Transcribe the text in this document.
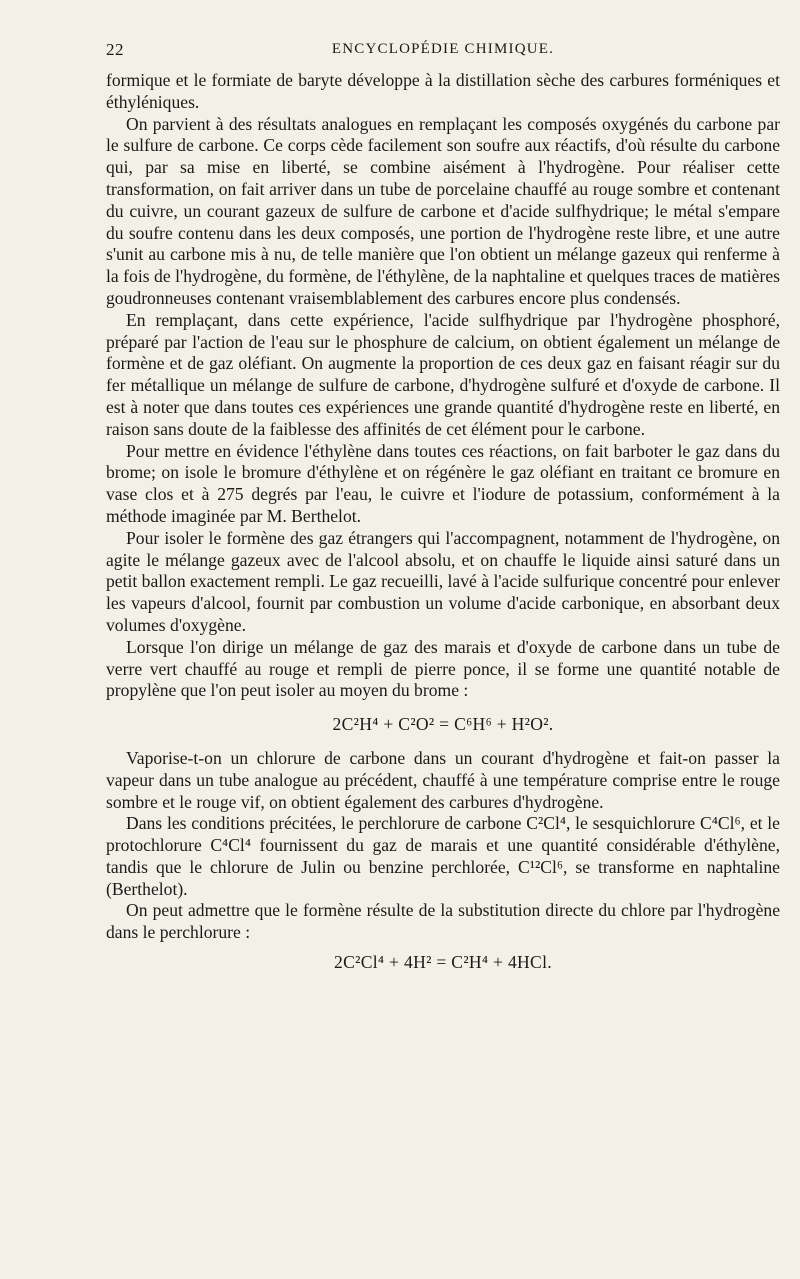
22	ENCYCLOPÉDIE CHIMIQUE.

formique et le formiate de baryte développe à la distillation sèche des carbures forméniques et éthyléniques.

On parvient à des résultats analogues en remplaçant les composés oxygénés du carbone par le sulfure de carbone. Ce corps cède facilement son soufre aux réactifs, d'où résulte du carbone qui, par sa mise en liberté, se combine aisément à l'hydrogène. Pour réaliser cette transformation, on fait arriver dans un tube de porcelaine chauffé au rouge sombre et contenant du cuivre, un courant gazeux de sulfure de carbone et d'acide sulfhydrique; le métal s'empare du soufre contenu dans les deux composés, une portion de l'hydrogène reste libre, et une autre s'unit au carbone mis à nu, de telle manière que l'on obtient un mélange gazeux qui renferme à la fois de l'hydrogène, du formène, de l'éthylène, de la naphtaline et quelques traces de matières goudronneuses contenant vraisemblablement des carbures encore plus condensés.

En remplaçant, dans cette expérience, l'acide sulfhydrique par l'hydrogène phosphoré, préparé par l'action de l'eau sur le phosphure de calcium, on obtient également un mélange de formène et de gaz oléfiant. On augmente la proportion de ces deux gaz en faisant réagir sur du fer métallique un mélange de sulfure de carbone, d'hydrogène sulfuré et d'oxyde de carbone. Il est à noter que dans toutes ces expériences une grande quantité d'hydrogène reste en liberté, en raison sans doute de la faiblesse des affinités de cet élément pour le carbone.

Pour mettre en évidence l'éthylène dans toutes ces réactions, on fait barboter le gaz dans du brome; on isole le bromure d'éthylène et on régénère le gaz oléfiant en traitant ce bromure en vase clos et à 275 degrés par l'eau, le cuivre et l'iodure de potassium, conformément à la méthode imaginée par M. Berthelot.

Pour isoler le formène des gaz étrangers qui l'accompagnent, notamment de l'hydrogène, on agite le mélange gazeux avec de l'alcool absolu, et on chauffe le liquide ainsi saturé dans un petit ballon exactement rempli. Le gaz recueilli, lavé à l'acide sulfurique concentré pour enlever les vapeurs d'alcool, fournit par combustion un volume d'acide carbonique, en absorbant deux volumes d'oxygène.

Lorsque l'on dirige un mélange de gaz des marais et d'oxyde de carbone dans un tube de verre vert chauffé au rouge et rempli de pierre ponce, il se forme une quantité notable de propylène que l'on peut isoler au moyen du brome :

2C²H⁴ + C²O² = C⁶H⁶ + H²O².

Vaporise-t-on un chlorure de carbone dans un courant d'hydrogène et fait-on passer la vapeur dans un tube analogue au précédent, chauffé à une température comprise entre le rouge sombre et le rouge vif, on obtient également des carbures d'hydrogène.

Dans les conditions précitées, le perchlorure de carbone C²Cl⁴, le sesquichlorure C⁴Cl⁶, et le protochlorure C⁴Cl⁴ fournissent du gaz de marais et une quantité considérable d'éthylène, tandis que le chlorure de Julin ou benzine perchlorée, C¹²Cl⁶, se transforme en naphtaline (Berthelot).

On peut admettre que le formène résulte de la substitution directe du chlore par l'hydrogène dans le perchlorure :

2C²Cl⁴ + 4H² = C²H⁴ + 4HCl.
